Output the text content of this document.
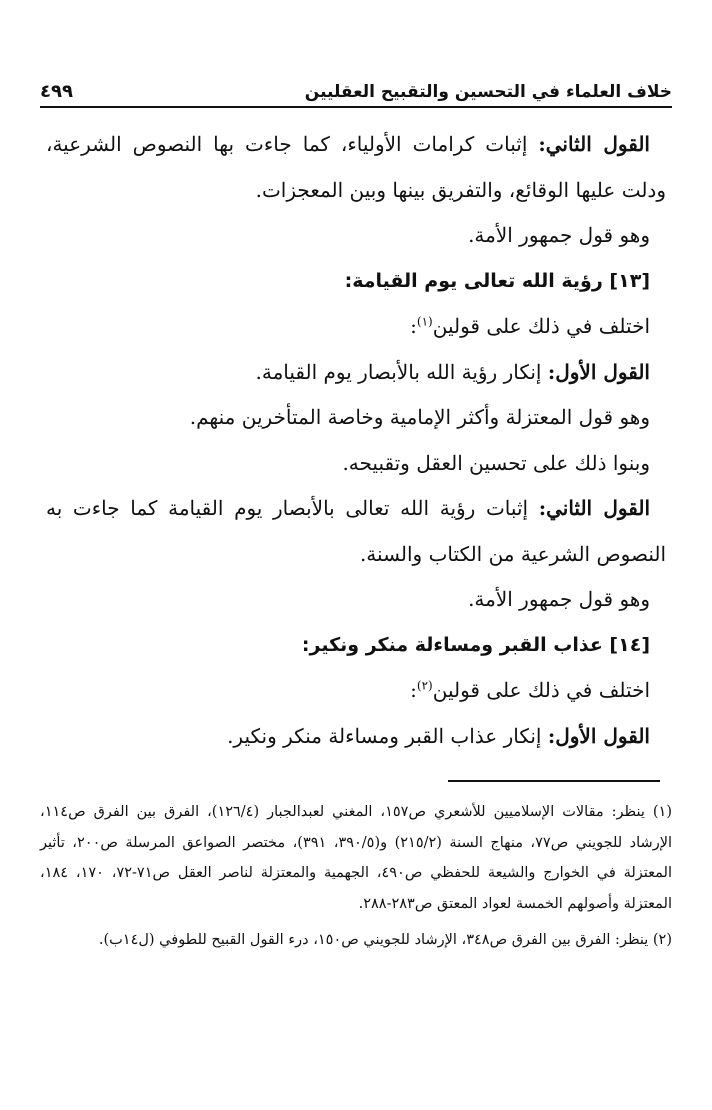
خلاف العلماء في التحسين والتقبيح العقليين
٤٩٩

القول الثاني: إثبات كرامات الأولياء، كما جاءت بها النصوص الشرعية، ودلت عليها الوقائع، والتفريق بينها وبين المعجزات.

وهو قول جمهور الأمة.

[١٣] رؤية الله تعالى يوم القيامة:

اختلف في ذلك على قولين$^{(١)}$:

القول الأول: إنكار رؤية الله بالأبصار يوم القيامة.

وهو قول المعتزلة وأكثر الإمامية وخاصة المتأخرين منهم.

وبنوا ذلك على تحسين العقل وتقبيحه.

القول الثاني: إثبات رؤية الله تعالى بالأبصار يوم القيامة كما جاءت به النصوص الشرعية من الكتاب والسنة.

وهو قول جمهور الأمة.

[١٤] عذاب القبر ومساءلة منكر ونكير:

اختلف في ذلك على قولين$^{(٢)}$:

القول الأول: إنكار عذاب القبر ومساءلة منكر ونكير.

(١) ينظر: مقالات الإسلاميين للأشعري ص١٥٧، المغني لعبدالجبار (١٢٦/٤)، الفرق بين الفرق ص١١٤، الإرشاد للجويني ص٧٧، منهاج السنة (٢١٥/٢) و(٣٩٠/٥، ٣٩١)، مختصر الصواعق المرسلة ص٢٠٠، تأثير المعتزلة في الخوارج والشيعة للحفظي ص٤٩٠، الجهمية والمعتزلة لناصر العقل ص٧١-٧٢، ١٧٠، ١٨٤، المعتزلة وأصولهم الخمسة لعواد المعتق ص٢٨٣-٢٨٨.

(٢) ينظر: الفرق بين الفرق ص٣٤٨، الإرشاد للجويني ص١٥٠، درء القول القبيح للطوفي (ل١٤ب).
